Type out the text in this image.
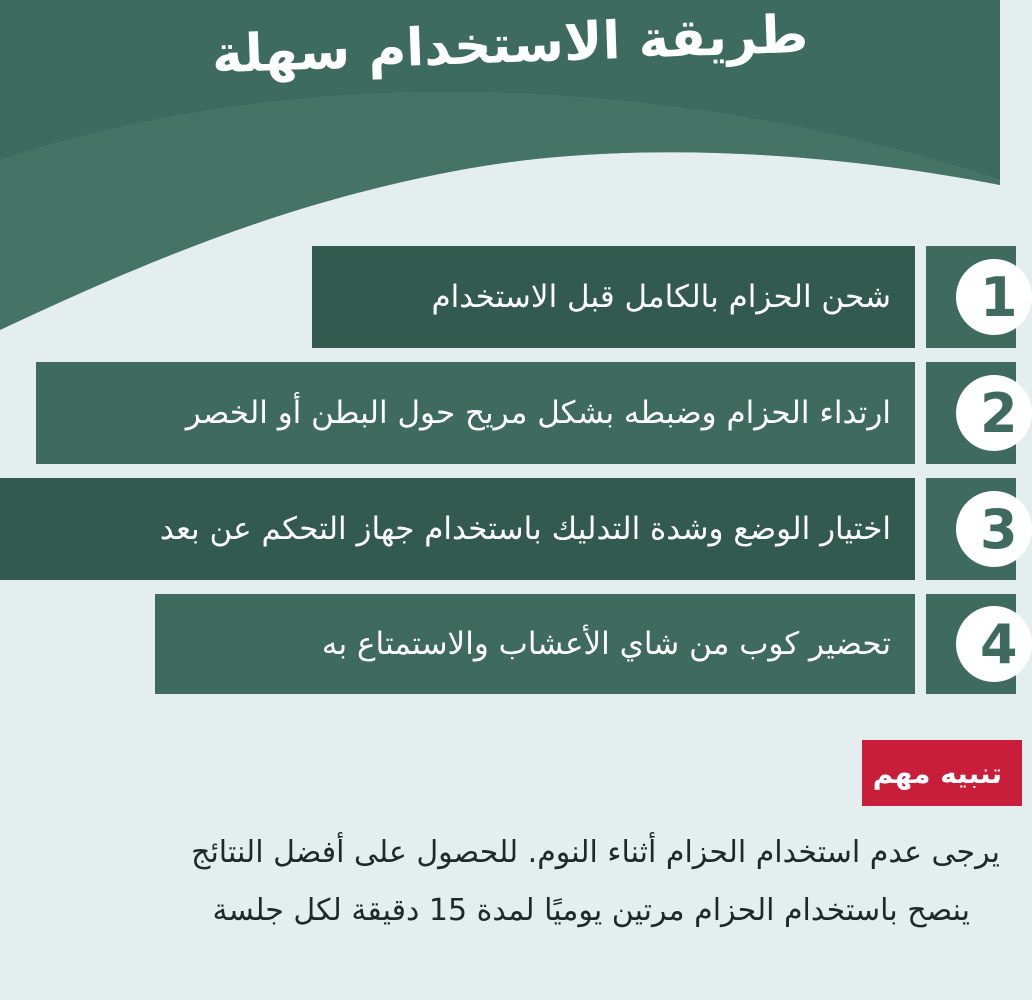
طريقة الاستخدام سهلة
1
شحن الحزام بالكامل قبل الاستخدام
2
ارتداء الحزام وضبطه بشكل مريح حول البطن أو الخصر
3
اختيار الوضع وشدة التدليك باستخدام جهاز التحكم عن بعد
4
تحضير كوب من شاي الأعشاب والاستمتاع به
تنبيه مهم
يرجى عدم استخدام الحزام أثناء النوم. للحصول على أفضل النتائج
ينصح باستخدام الحزام مرتين يوميًا لمدة 15 دقيقة لكل جلسة
